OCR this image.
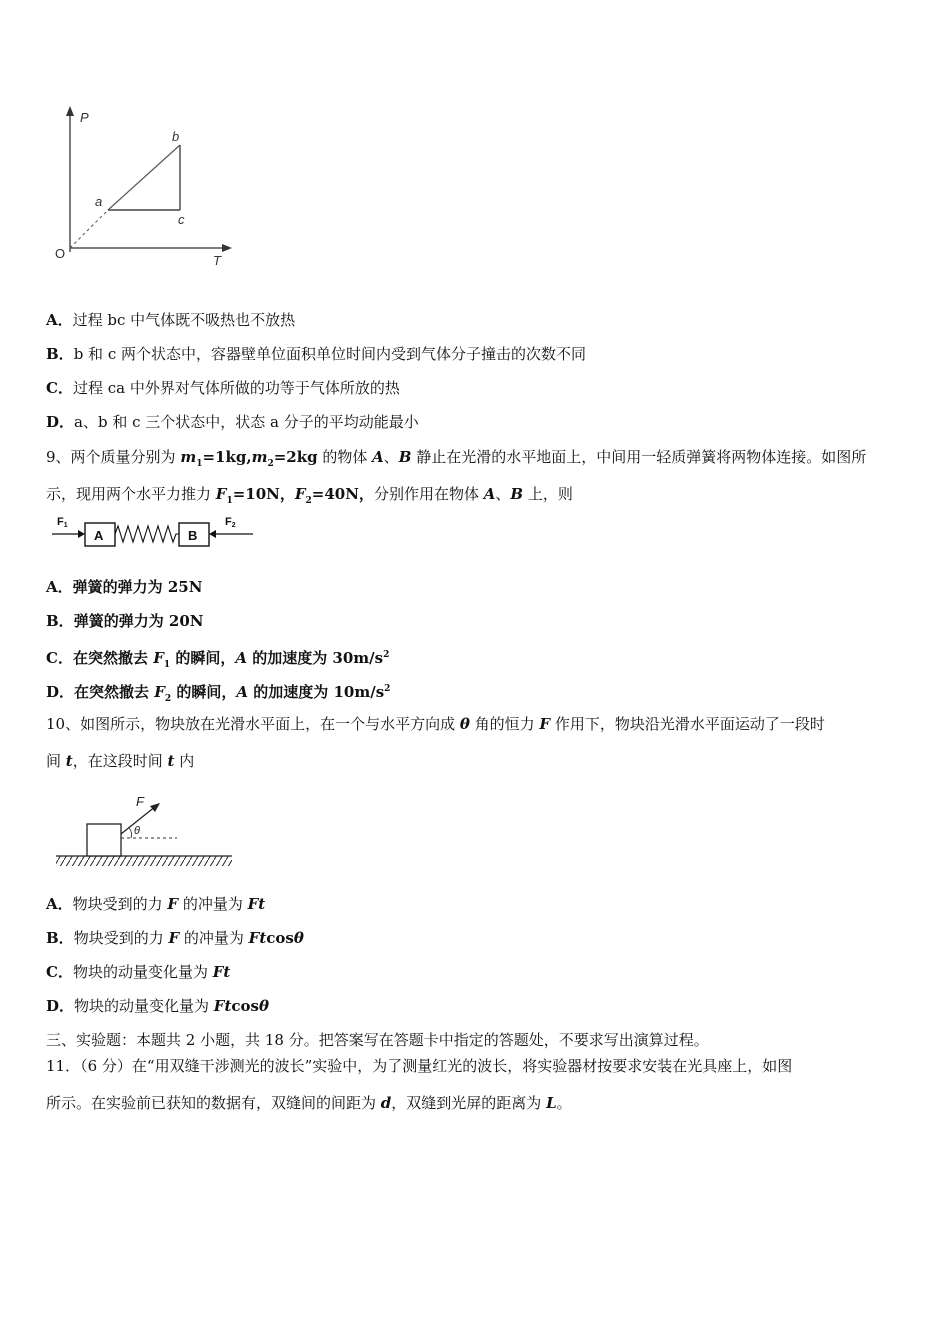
P
T
O
a
b
c
A．过程 bc 中气体既不吸热也不放热
B．b 和 c 两个状态中，容器壁单位面积单位时间内受到气体分子撞击的次数不同
C．过程 ca 中外界对气体所做的功等于气体所放的热
D．a、b 和 c 三个状态中，状态 a 分子的平均动能最小
9、两个质量分别为 $m_1=1kg,m_2=2kg$ 的物体 A、B 静止在光滑的水平地面上，中间用一轻质弹簧将两物体连接。如图所
示，现用两个水平力推力 $F_1=10N$，$F_2=40N$，分别作用在物体 A、B 上，则
F1
A	B
F2
A．弹簧的弹力为 25N
B．弹簧的弹力为 20N
C．在突然撤去 $F_1$ 的瞬间，A 的加速度为 $30m/s^2$
D．在突然撤去 $F_2$ 的瞬间，A 的加速度为 $10m/s^2$
10、如图所示，物块放在光滑水平面上，在一个与水平方向成 θ 角的恒力 F 作用下，物块沿光滑水平面运动了一段时
间 t，在这段时间 t 内
F
θ
A．物块受到的力 F 的冲量为 Ft
B．物块受到的力 F 的冲量为 Ftcosθ
C．物块的动量变化量为 Ft
D．物块的动量变化量为 Ftcosθ
三、实验题：本题共 2 小题，共 18 分。把答案写在答题卡中指定的答题处，不要求写出演算过程。
11．（6 分）在“用双缝干涉测光的波长”实验中，为了测量红光的波长，将实验器材按要求安装在光具座上，如图
所示。在实验前已获知的数据有，双缝间的间距为 d，双缝到光屏的距离为 L。
